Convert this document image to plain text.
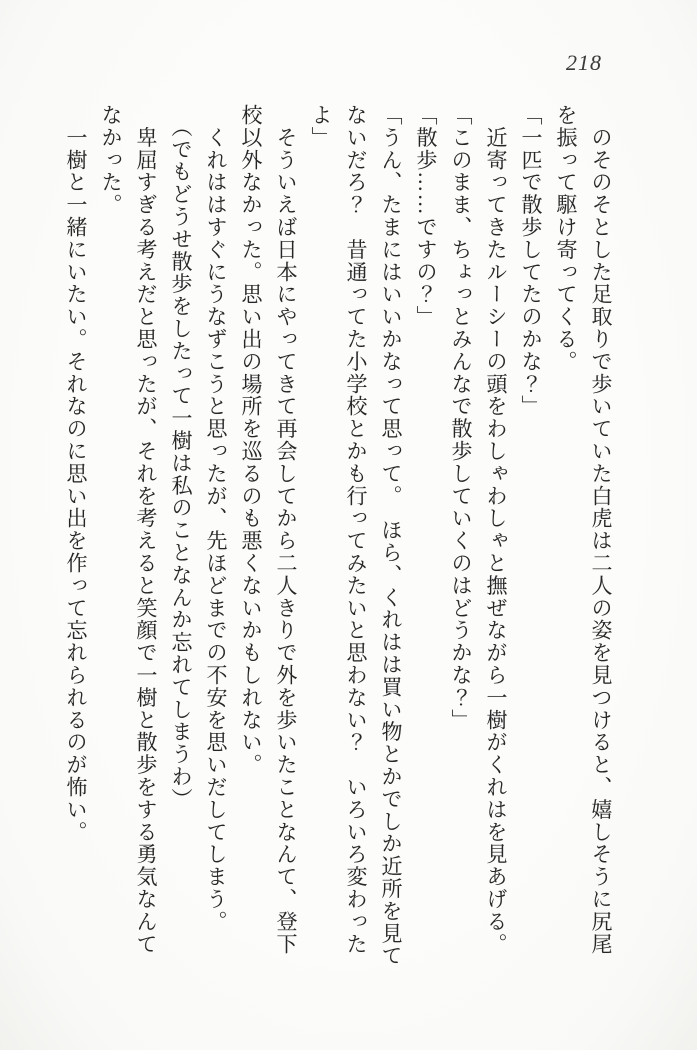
218
　のそのそとした足取りで歩いていた白虎は二人の姿を見つけると、嬉しそうに尻尾
を振って駆け寄ってくる。
「一匹で散歩してたのかな？」
　近寄ってきたルーシーの頭をわしゃわしゃと撫ぜながら一樹がくれはを見あげる。
「このまま、ちょっとみんなで散歩していくのはどうかな？」
「散歩……ですの？」
「うん、たまにはいいかなって思って。　ほら、くれはは買い物とかでしか近所を見て
ないだろ？　昔通ってた小学校とかも行ってみたいと思わない？　いろいろ変わった
よ」
　そういえば日本にやってきて再会してから二人きりで外を歩いたことなんて、登下
校以外なかった。思い出の場所を巡るのも悪くないかもしれない。
　くれははすぐにうなずこうと思ったが、先ほどまでの不安を思いだしてしまう。
　（でもどうせ散歩をしたって一樹は私のことなんか忘れてしまうわ）
　卑屈すぎる考えだと思ったが、それを考えると笑顔で一樹と散歩をする勇気なんて
なかった。
　一樹と一緒にいたい。それなのに思い出を作って忘れられるのが怖い。
